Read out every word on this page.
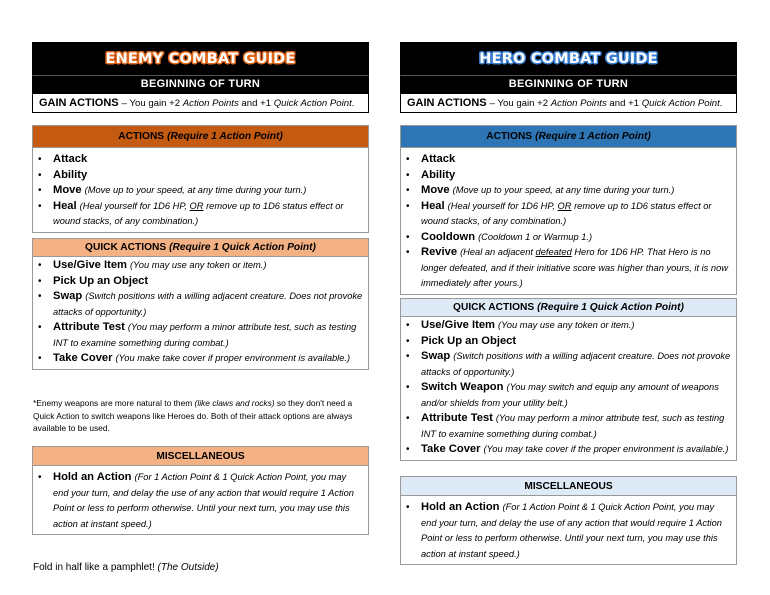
ENEMY COMBAT GUIDE
BEGINNING OF TURN
GAIN ACTIONS – You gain +2 Action Points and +1 Quick Action Point .
ACTIONS (Require 1 Action Point)
• Attack
• Ability
• Move (Move up to your speed, at any time during your turn.)
• Heal (Heal yourself for 1D6 HP, OR remove up to 1D6 status effect or wound stacks, of any combination.)
QUICK ACTIONS (Require 1 Quick Action Point)
• Use/Give Item (You may use any token or item.)
• Pick Up an Object
• Swap (Switch positions with a willing adjacent creature. Does not provoke attacks of opportunity.)
• Attribute Test (You may perform a minor attribute test, such as testing INT to examine something during combat.)
• Take Cover (You make take cover if proper environment is available.)
*Enemy weapons are more natural to them (like claws and rocks) so they don't need a Quick Action to switch weapons like Heroes do. Both of their attack options are always available to be used.
MISCELLANEOUS
• Hold an Action (For 1 Action Point & 1 Quick Action Point, you may end your turn, and delay the use of any action that would require 1 Action Point or less to perform otherwise. Until your next turn, you may use this action at instant speed.)
HERO COMBAT GUIDE
BEGINNING OF TURN
GAIN ACTIONS – You gain +2 Action Points and +1 Quick Action Point .
ACTIONS (Require 1 Action Point)
• Attack
• Ability
• Move (Move up to your speed, at any time during your turn.)
• Heal (Heal yourself for 1D6 HP, OR remove up to 1D6 status effect or wound stacks, of any combination.)
• Cooldown (Cooldown 1 or Warmup 1.)
• Revive (Heal an adjacent defeated Hero for 1D6 HP. That Hero is no longer defeated, and if their initiative score was higher than yours, it is now immediately after yours.)
QUICK ACTIONS (Require 1 Quick Action Point)
• Use/Give Item (You may use any token or item.)
• Pick Up an Object
• Swap (Switch positions with a willing adjacent creature. Does not provoke attacks of opportunity.)
• Switch Weapon (You may switch and equip any amount of weapons and/or shields from your utility belt.)
• Attribute Test (You may perform a minor attribute test, such as testing INT to examine something during combat.)
• Take Cover (You may take cover if the proper environment is available.)
MISCELLANEOUS
• Hold an Action (For 1 Action Point & 1 Quick Action Point, you may end your turn, and delay the use of any action that would require 1 Action Point or less to perform otherwise. Until your next turn, you may use this action at instant speed.)
Fold in half like a pamphlet! (The Outside)
